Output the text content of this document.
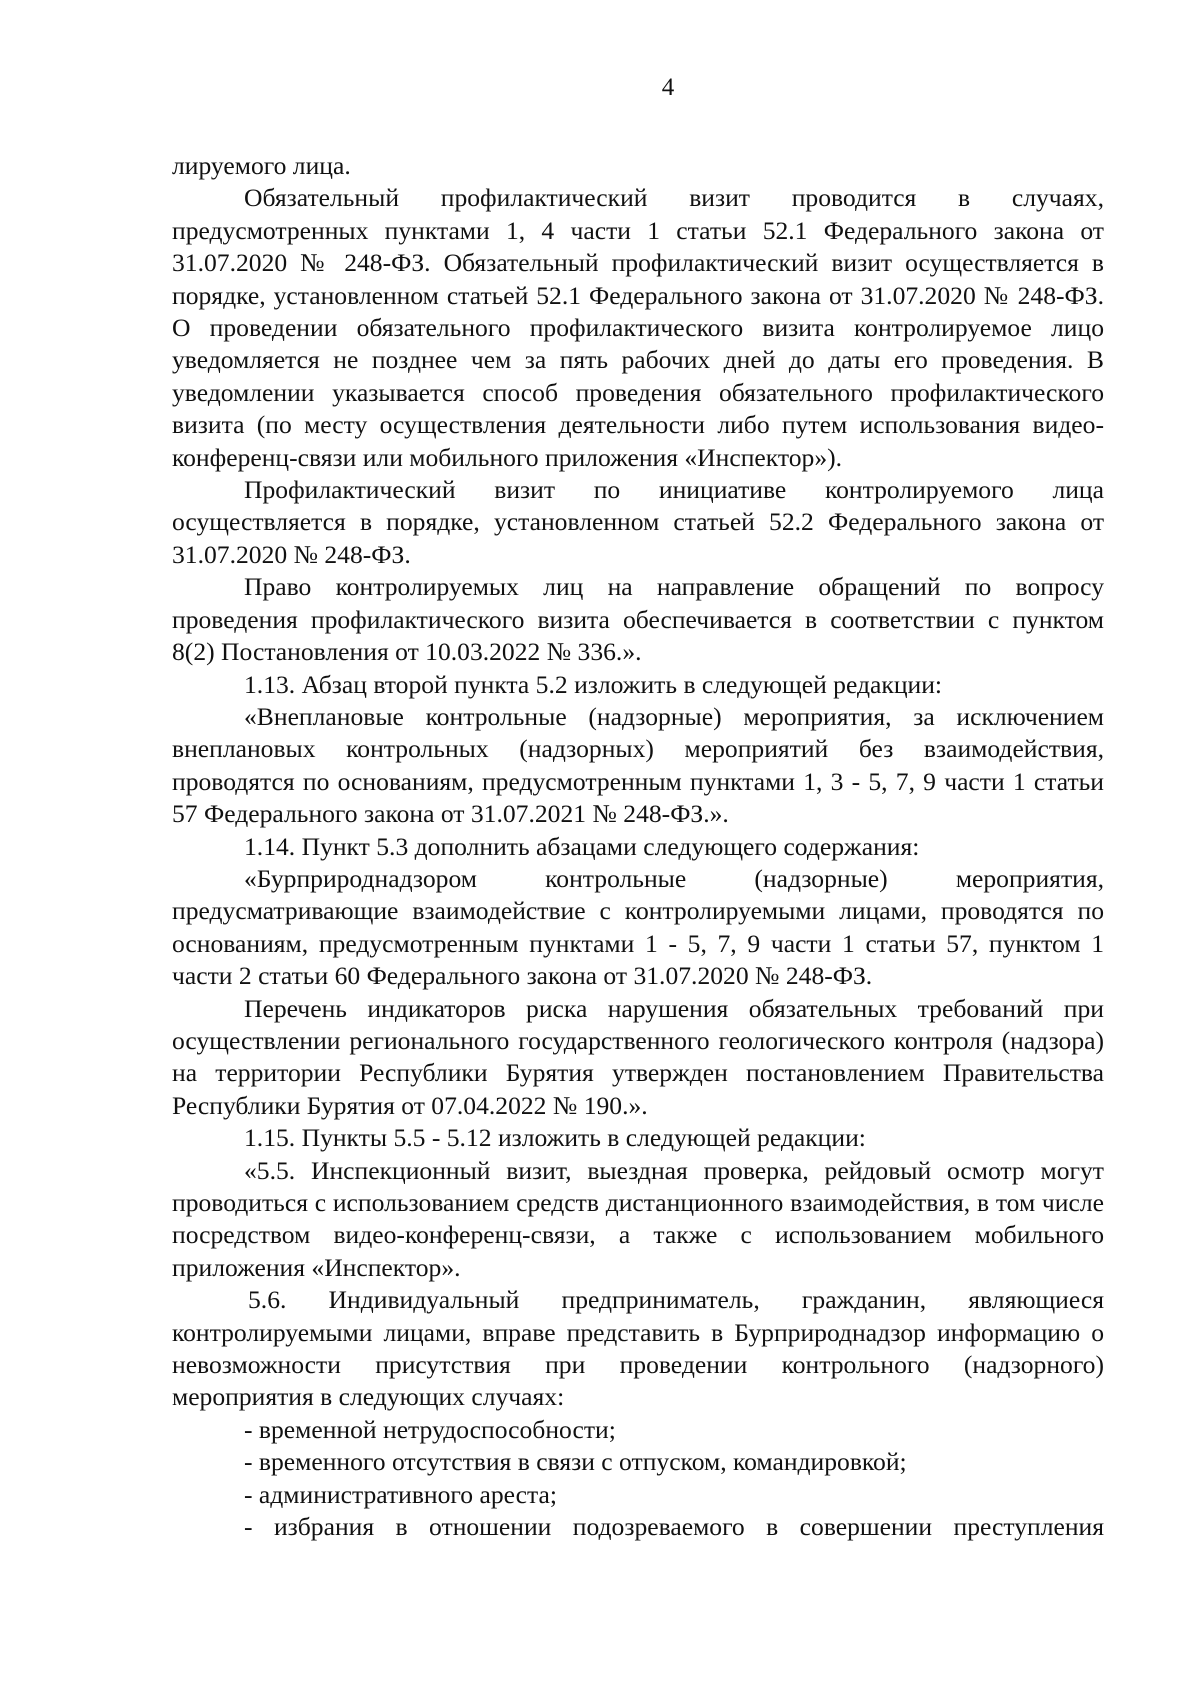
4

лируемого лица.

Обязательный профилактический визит проводится в случаях, предусмотренных пунктами 1, 4 части 1 статьи 52.1 Федерального закона от 31.07.2020 № 248-ФЗ. Обязательный профилактический визит осуществляется в порядке, установленном статьей 52.1 Федерального закона от 31.07.2020 № 248-ФЗ. О проведении обязательного профилактического визита контролируемое лицо уведомляется не позднее чем за пять рабочих дней до даты его проведения. В уведомлении указывается способ проведения обязательного профилактического визита (по месту осуществления деятельности либо путем использования видео-конференц-связи или мобильного приложения «Инспектор»).

Профилактический визит по инициативе контролируемого лица осуществляется в порядке, установленном статьей 52.2 Федерального закона от 31.07.2020 № 248-ФЗ.

Право контролируемых лиц на направление обращений по вопросу проведения профилактического визита обеспечивается в соответствии с пунктом 8(2) Постановления от 10.03.2022 № 336.».

1.13. Абзац второй пункта 5.2 изложить в следующей редакции:

«Внеплановые контрольные (надзорные) мероприятия, за исключением внеплановых контрольных (надзорных) мероприятий без взаимодействия, проводятся по основаниям, предусмотренным пунктами 1, 3 - 5, 7, 9 части 1 статьи 57 Федерального закона от 31.07.2021 № 248-ФЗ.».

1.14. Пункт 5.3 дополнить абзацами следующего содержания:

«Бурприроднадзором контрольные (надзорные) мероприятия, предусматривающие взаимодействие с контролируемыми лицами, проводятся по основаниям, предусмотренным пунктами 1 - 5, 7, 9 части 1 статьи 57, пунктом 1 части 2 статьи 60 Федерального закона от 31.07.2020 № 248-ФЗ.

Перечень индикаторов риска нарушения обязательных требований при осуществлении регионального государственного геологического контроля (надзора) на территории Республики Бурятия утвержден постановлением Правительства Республики Бурятия от 07.04.2022 № 190.».

1.15. Пункты 5.5 - 5.12 изложить в следующей редакции:

«5.5. Инспекционный визит, выездная проверка, рейдовый осмотр могут проводиться с использованием средств дистанционного взаимодействия, в том числе посредством видео-конференц-связи, а также с использованием мобильного приложения «Инспектор».

5.6. Индивидуальный предприниматель, гражданин, являющиеся контролируемыми лицами, вправе представить в Бурприроднадзор информацию о невозможности присутствия при проведении контрольного (надзорного) мероприятия в следующих случаях:

- временной нетрудоспособности;

- временного отсутствия в связи с отпуском, командировкой;

- административного ареста;

- избрания в отношении подозреваемого в совершении преступления
